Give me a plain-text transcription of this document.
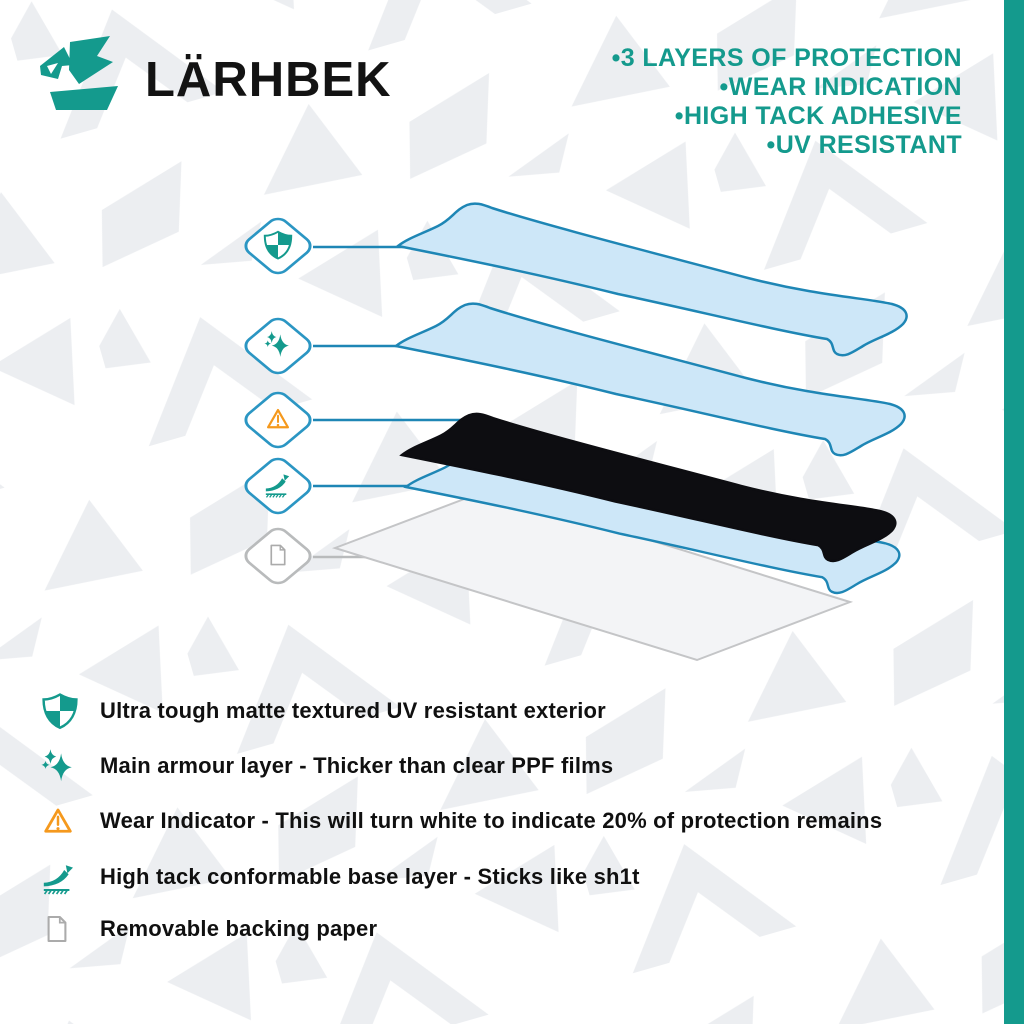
LÄRHBEK	•3 LAYERS OF PROTECTION
•WEAR INDICATION
•HIGH TACK ADHESIVE
•UV RESISTANT
Ultra tough matte textured UV resistant exterior
Main armour layer - Thicker than clear PPF films
Wear Indicator - This will turn white to indicate 20% of protection remains
High tack conformable base layer - Sticks like sh1t
Removable backing paper
